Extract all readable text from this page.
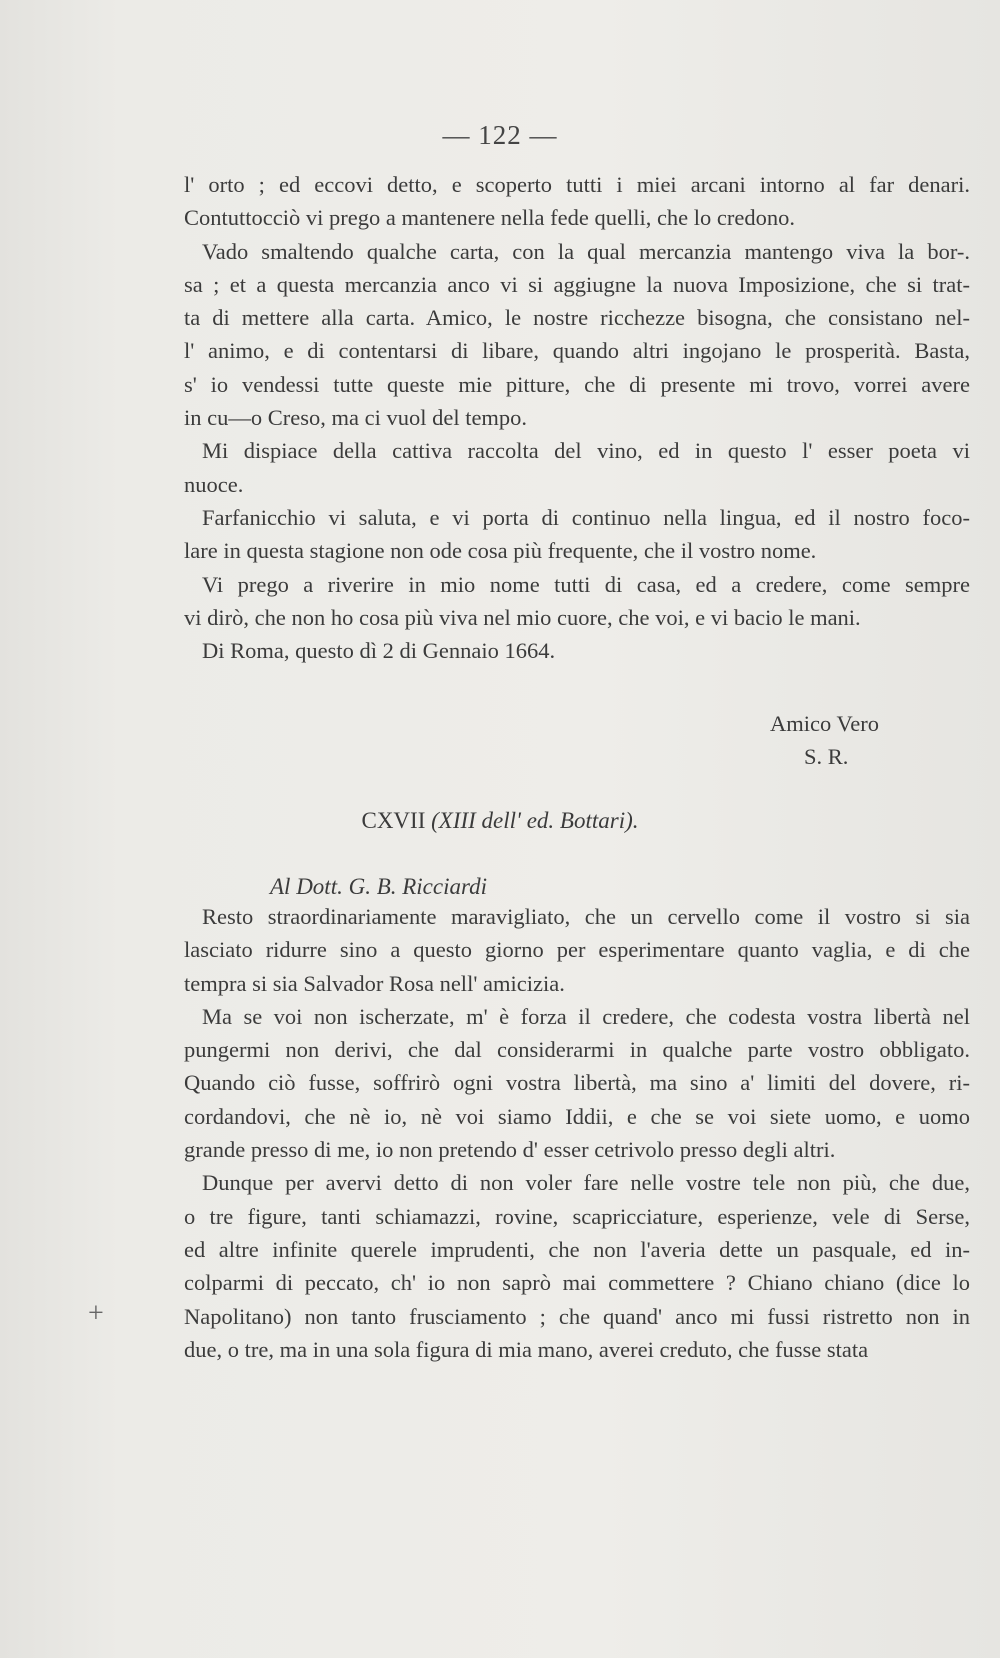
— 122 —
l' orto ; ed eccovi detto, e scoperto tutti i miei arcani intorno al far denari.
Contuttocciò vi prego a mantenere nella fede quelli, che lo credono.
Vado smaltendo qualche carta, con la qual mercanzia mantengo viva la bor-.
sa ; et a questa mercanzia anco vi si aggiugne la nuova Imposizione, che si trat-
ta di mettere alla carta. Amico, le nostre ricchezze bisogna, che consistano nel-
l' animo, e di contentarsi di libare, quando altri ingojano le prosperità. Basta,
s' io vendessi tutte queste mie pitture, che di presente mi trovo, vorrei avere
in cu—o Creso, ma ci vuol del tempo.
Mi dispiace della cattiva raccolta del vino, ed in questo l' esser poeta vi
nuoce.
Farfanicchio vi saluta, e vi porta di continuo nella lingua, ed il nostro foco-
lare in questa stagione non ode cosa più frequente, che il vostro nome.
Vi prego a riverire in mio nome tutti di casa, ed a credere, come sempre
vi dirò, che non ho cosa più viva nel mio cuore, che voi, e vi bacio le mani.
Di Roma, questo dì 2 di Gennaio 1664.
Amico Vero
S. R.
CXVII (XIII dell' ed. Bottari).
Al Dott. G. B. Ricciardi
Resto straordinariamente maravigliato, che un cervello come il vostro si sia
lasciato ridurre sino a questo giorno per esperimentare quanto vaglia, e di che
tempra si sia Salvador Rosa nell' amicizia.
Ma se voi non ischerzate, m' è forza il credere, che codesta vostra libertà nel
pungermi non derivi, che dal considerarmi in qualche parte vostro obbligato.
Quando ciò fusse, soffrirò ogni vostra libertà, ma sino a' limiti del dovere, ri-
cordandovi, che nè io, nè voi siamo Iddii, e che se voi siete uomo, e uomo
grande presso di me, io non pretendo d' esser cetrivolo presso degli altri.
Dunque per avervi detto di non voler fare nelle vostre tele non più, che due,
o tre figure, tanti schiamazzi, rovine, scapricciature, esperienze, vele di Serse,
ed altre infinite querele imprudenti, che non l'averia dette un pasquale, ed in-
colparmi di peccato, ch' io non saprò mai commettere ? Chiano chiano (dice lo
Napolitano) non tanto frusciamento ; che quand' anco mi fussi ristretto non in
due, o tre, ma in una sola figura di mia mano, averei creduto, che fusse stata
+
